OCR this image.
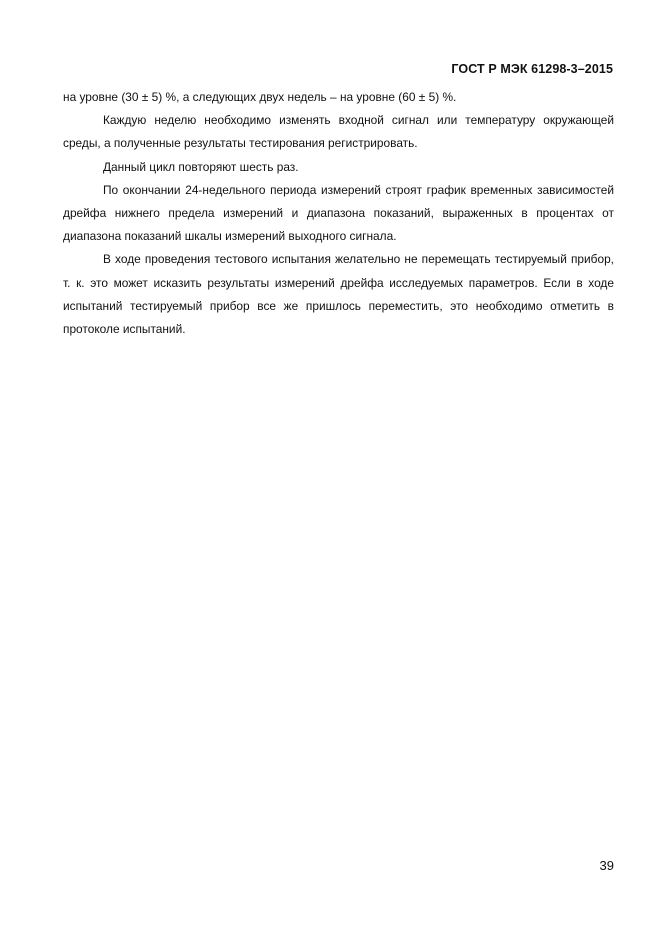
ГОСТ Р МЭК 61298-3–2015

на уровне (30 ± 5) %, а следующих двух недель – на уровне (60 ± 5) %.

Каждую неделю необходимо изменять входной сигнал или температуру окружающей среды, а полученные результаты тестирования регистрировать.

Данный цикл повторяют шесть раз.

По окончании 24-недельного периода измерений строят график временных зависимостей дрейфа нижнего предела измерений и диапазона показаний, выраженных в процентах от диапазона показаний шкалы измерений выходного сигнала.

В ходе проведения тестового испытания желательно не перемещать тестируемый прибор, т. к. это может исказить результаты измерений дрейфа исследуемых параметров. Если в ходе испытаний тестируемый прибор все же пришлось переместить, это необходимо отметить в протоколе испытаний.

39
